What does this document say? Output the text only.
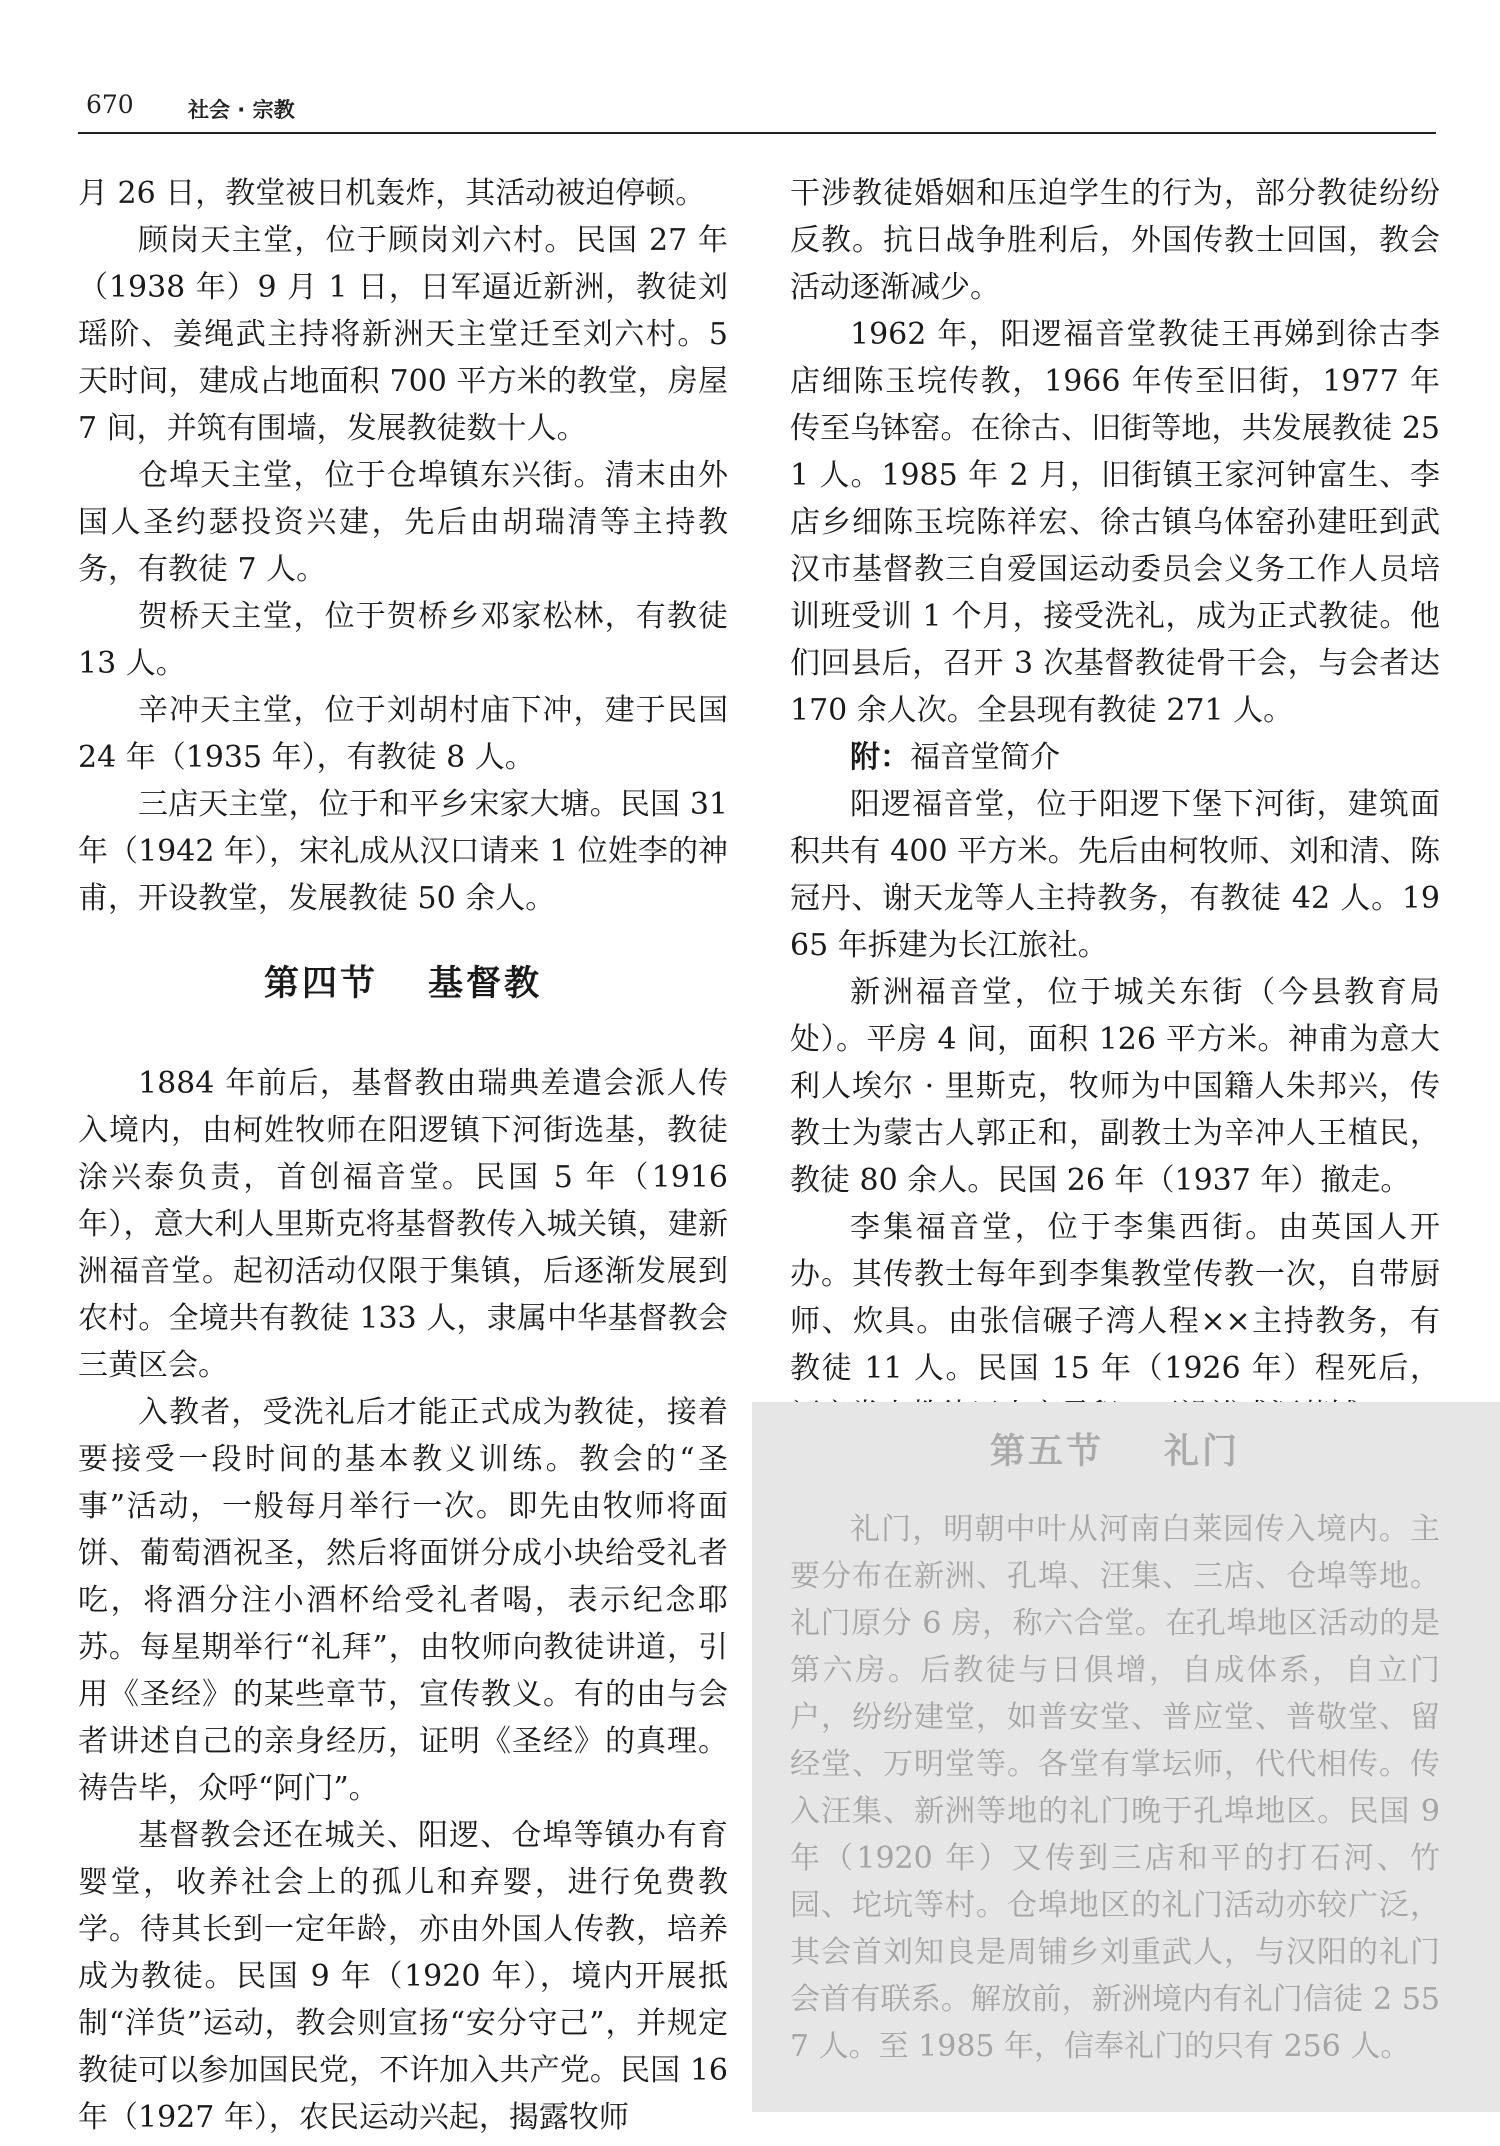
670	社会 · 宗教

月 26 日，教堂被日机轰炸，其活动被迫停顿。

顾岗天主堂，位于顾岗刘六村。民国 27 年（1938 年）9 月 1 日，日军逼近新洲，教徒刘瑶阶、姜绳武主持将新洲天主堂迁至刘六村。5 天时间，建成占地面积 700 平方米的教堂，房屋 7 间，并筑有围墙，发展教徒数十人。

仓埠天主堂，位于仓埠镇东兴街。清末由外国人圣约瑟投资兴建，先后由胡瑞清等主持教务，有教徒 7 人。

贺桥天主堂，位于贺桥乡邓家松林，有教徒 13 人。

辛冲天主堂，位于刘胡村庙下冲，建于民国 24 年（1935 年），有教徒 8 人。

三店天主堂，位于和平乡宋家大塘。民国 31 年（1942 年），宋礼成从汉口请来 1 位姓李的神甫，开设教堂，发展教徒 50 余人。

第四节 基督教

1884 年前后，基督教由瑞典差遣会派人传入境内，由柯姓牧师在阳逻镇下河街选基，教徒涂兴泰负责，首创福音堂。民国 5 年（1916 年），意大利人里斯克将基督教传入城关镇，建新洲福音堂。起初活动仅限于集镇，后逐渐发展到农村。全境共有教徒 133 人，隶属中华基督教会三黄区会。

入教者，受洗礼后才能正式成为教徒，接着要接受一段时间的基本教义训练。教会的“圣事”活动，一般每月举行一次。即先由牧师将面饼、葡萄酒祝圣，然后将面饼分成小块给受礼者吃，将酒分注小酒杯给受礼者喝，表示纪念耶苏。每星期举行“礼拜”，由牧师向教徒讲道，引用《圣经》的某些章节，宣传教义。有的由与会者讲述自己的亲身经历，证明《圣经》的真理。祷告毕，众呼“阿门”。

基督教会还在城关、阳逻、仓埠等镇办有育婴堂，收养社会上的孤儿和弃婴，进行免费教学。待其长到一定年龄，亦由外国人传教，培养成为教徒。民国 9 年（1920 年），境内开展抵制“洋货”运动，教会则宣扬“安分守己”，并规定教徒可以参加国民党，不许加入共产党。民国 16 年（1927 年），农民运动兴起，揭露牧师

干涉教徒婚姻和压迫学生的行为，部分教徒纷纷反教。抗日战争胜利后，外国传教士回国，教会活动逐渐减少。

1962 年，阳逻福音堂教徒王再娣到徐古李店细陈玉垸传教，1966 年传至旧街，1977 年传至乌钵窑。在徐古、旧街等地，共发展教徒 251 人。1985 年 2 月，旧街镇王家河钟富生、李店乡细陈玉垸陈祥宏、徐古镇乌体窑孙建旺到武汉市基督教三自爱国运动委员会义务工作人员培训班受训 1 个月，接受洗礼，成为正式教徒。他们回县后，召开 3 次基督教徒骨干会，与会者达 170 余人次。全县现有教徒 271 人。

附：福音堂简介

阳逻福音堂，位于阳逻下堡下河街，建筑面积共有 400 平方米。先后由柯牧师、刘和清、陈冠丹、谢天龙等人主持教务，有教徒 42 人。1965 年拆建为长江旅社。

新洲福音堂，位于城关东街（今县教育局处）。平房 4 间，面积 126 平方米。神甫为意大利人埃尔 · 里斯克，牧师为中国籍人朱邦兴，传教士为蒙古人郭正和，副教士为辛冲人王植民，教徒 80 余人。民国 26 年（1937 年）撤走。

李集福音堂，位于李集西街。由英国人开办。其传教士每年到李集教堂传教一次，自带厨师、炊具。由张信碾子湾人程××主持教务，有教徒 11 人。民国 15 年（1926 年）程死后，

第五节 礼门

礼门，明朝中叶从河南白莱园传入境内。主要分布在新洲、孔埠、汪集、三店、仓埠等地。礼门原分 6 房，称六合堂。在孔埠地区活动的是第六房。后教徒与日俱增，自成体系，自立门户，纷纷建堂，如普安堂、普应堂、普敬堂、留经堂、万明堂等。各堂有掌坛师，代代相传。传入汪集、新洲等地的礼门晚于孔埠地区。民国 9 年（1920 年）又传到三店和平的打石河、竹园、坨坑等村。仓埠地区的礼门活动亦较广泛，其会首刘知良是周铺乡刘重武人，与汉阳的礼门会首有联系。解放前，新洲境内有礼门信徒 2 557 人。至 1985 年，信奉礼门的只有 256 人。
